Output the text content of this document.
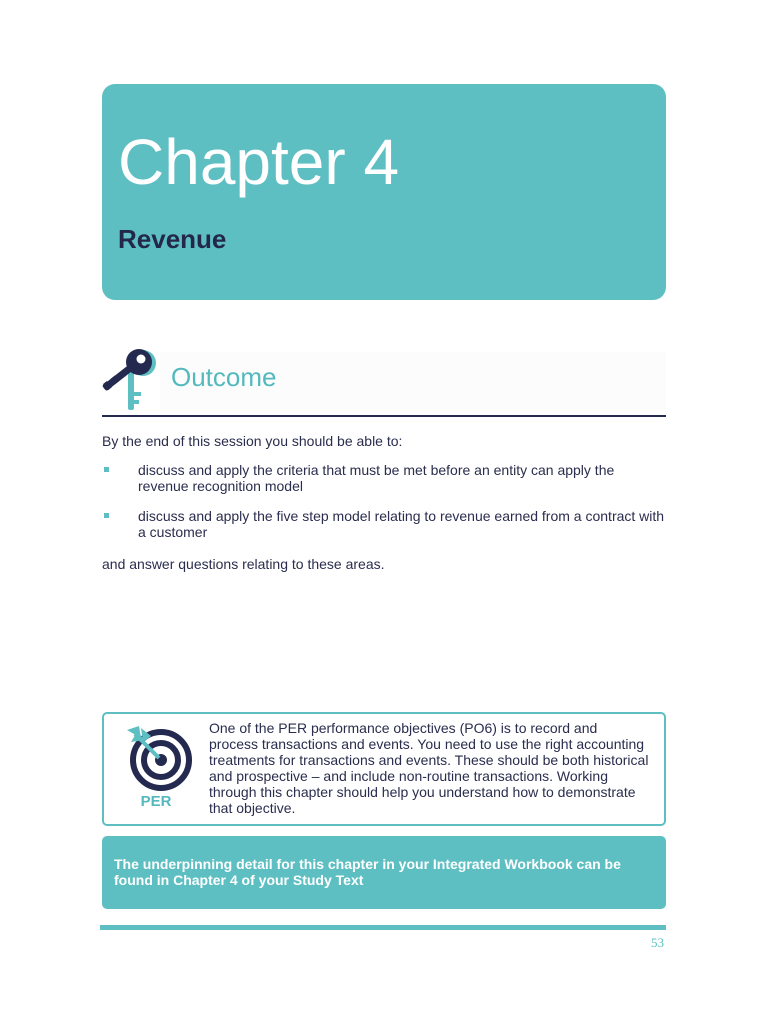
Chapter 4
Revenue
Outcome

By the end of this session you should be able to:

discuss and apply the criteria that must be met before an entity can apply the revenue recognition model
discuss and apply the five step model relating to revenue earned from a contract with a customer

and answer questions relating to these areas.

PER

One of the PER performance objectives (PO6) is to record and process transactions and events. You need to use the right accounting treatments for transactions and events. These should be both historical and prospective – and include non-routine transactions. Working through this chapter should help you understand how to demonstrate that objective.

The underpinning detail for this chapter in your Integrated Workbook can be found in Chapter 4 of your Study Text

53
